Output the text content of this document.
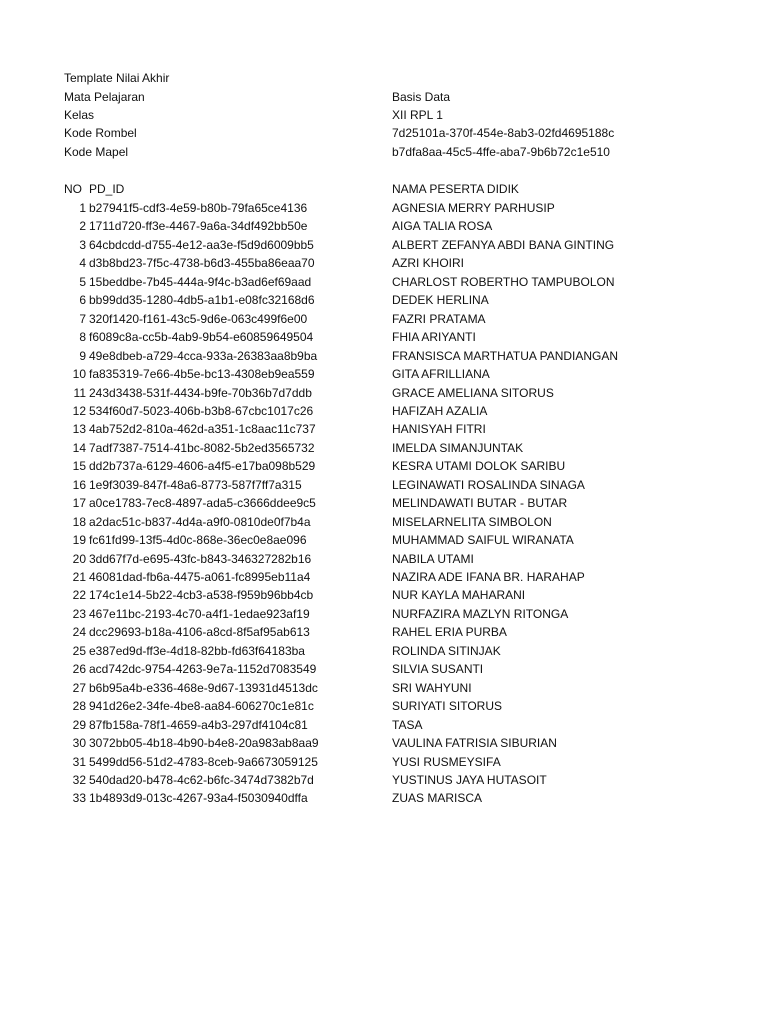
Template Nilai Akhir
Mata Pelajaran	Basis Data
Kelas	XII RPL 1
Kode Rombel	7d25101a-370f-454e-8ab3-02fd4695188c
Kode Mapel	b7dfa8aa-45c5-4ffe-aba7-9b6b72c1e510
NO PD_ID	NAMA PESERTA DIDIK
1 b27941f5-cdf3-4e59-b80b-79fa65ce4136	AGNESIA MERRY PARHUSIP
2 1711d720-ff3e-4467-9a6a-34df492bb50e	AIGA TALIA ROSA
3 64cbdcdd-d755-4e12-aa3e-f5d9d6009bb5	ALBERT ZEFANYA ABDI BANA GINTING
4 d3b8bd23-7f5c-4738-b6d3-455ba86eaa70	AZRI KHOIRI
5 15beddbe-7b45-444a-9f4c-b3ad6ef69aad	CHARLOST ROBERTHO TAMPUBOLON
6 bb99dd35-1280-4db5-a1b1-e08fc32168d6	DEDEK HERLINA
7 320f1420-f161-43c5-9d6e-063c499f6e00	FAZRI PRATAMA
8 f6089c8a-cc5b-4ab9-9b54-e60859649504	FHIA ARIYANTI
9 49e8dbeb-a729-4cca-933a-26383aa8b9ba	FRANSISCA MARTHATUA PANDIANGAN
10 fa835319-7e66-4b5e-bc13-4308eb9ea559	GITA AFRILLIANA
11 243d3438-531f-4434-b9fe-70b36b7d7ddb	GRACE AMELIANA SITORUS
12 534f60d7-5023-406b-b3b8-67cbc1017c26	HAFIZAH AZALIA
13 4ab752d2-810a-462d-a351-1c8aac11c737	HANISYAH FITRI
14 7adf7387-7514-41bc-8082-5b2ed3565732	IMELDA SIMANJUNTAK
15 dd2b737a-6129-4606-a4f5-e17ba098b529	KESRA UTAMI DOLOK SARIBU
16 1e9f3039-847f-48a6-8773-587f7ff7a315	LEGINAWATI ROSALINDA SINAGA
17 a0ce1783-7ec8-4897-ada5-c3666ddee9c5	MELINDAWATI BUTAR - BUTAR
18 a2dac51c-b837-4d4a-a9f0-0810de0f7b4a	MISELARNELITA SIMBOLON
19 fc61fd99-13f5-4d0c-868e-36ec0e8ae096	MUHAMMAD SAIFUL WIRANATA
20 3dd67f7d-e695-43fc-b843-346327282b16	NABILA UTAMI
21 46081dad-fb6a-4475-a061-fc8995eb11a4	NAZIRA ADE IFANA BR. HARAHAP
22 174c1e14-5b22-4cb3-a538-f959b96bb4cb	NUR KAYLA MAHARANI
23 467e11bc-2193-4c70-a4f1-1edae923af19	NURFAZIRA MAZLYN RITONGA
24 dcc29693-b18a-4106-a8cd-8f5af95ab613	RAHEL ERIA PURBA
25 e387ed9d-ff3e-4d18-82bb-fd63f64183ba	ROLINDA SITINJAK
26 acd742dc-9754-4263-9e7a-1152d7083549	SILVIA SUSANTI
27 b6b95a4b-e336-468e-9d67-13931d4513dc	SRI WAHYUNI
28 941d26e2-34fe-4be8-aa84-606270c1e81c	SURIYATI SITORUS
29 87fb158a-78f1-4659-a4b3-297df4104c81	TASA
30 3072bb05-4b18-4b90-b4e8-20a983ab8aa9	VAULINA FATRISIA SIBURIAN
31 5499dd56-51d2-4783-8ceb-9a6673059125	YUSI RUSMEYSIFA
32 540dad20-b478-4c62-b6fc-3474d7382b7d	YUSTINUS JAYA HUTASOIT
33 1b4893d9-013c-4267-93a4-f5030940dffa	ZUAS MARISCA
